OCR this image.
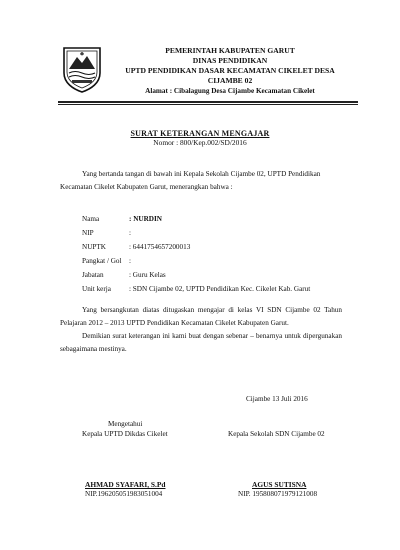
PEMERINTAH KABUPATEN GARUT
DINAS PENDIDIKAN
UPTD PENDIDIKAN DASAR KECAMATAN CIKELET DESA
CIJAMBE 02
Alamat : Cibalagung Desa Cijambe Kecamatan Cikelet
SURAT KETERANGAN MENGAJAR
Nomor : 800/Kep.002/SD/2016
Yang bertanda tangan di bawah ini Kepala Sekolah Cijambe 02, UPTD Pendidikan
Kecamatan Cikelet Kabupaten Garut, menerangkan bahwa :
Nama	: NURDIN
NIP	:
NUPTK	: 6441754657200013
Pangkat / Gol	:
Jabatan	: Guru Kelas
Unit kerja	: SDN Cijambe 02, UPTD Pendidikan Kec. Cikelet Kab. Garut
Yang bersangkutan diatas ditugaskan mengajar di kelas VI SDN Cijambe 02 Tahun Pelajaran 2012 – 2013 UPTD Pendidikan Kecamatan Cikelet Kabupaten Garut.
Demikian surat keterangan ini kami buat dengan sebenar – benarnya untuk dipergunakan sebagaimana mestinya.
Cijambe 13 Juli 2016
Mengetahui
Kepala UPTD Dikdas Cikelet	Kepala Sekolah SDN Cijambe 02
AHMAD SYAFARI, S.Pd
NIP.196205051983051004
AGUS SUTISNA
NIP. 195808071979121008
